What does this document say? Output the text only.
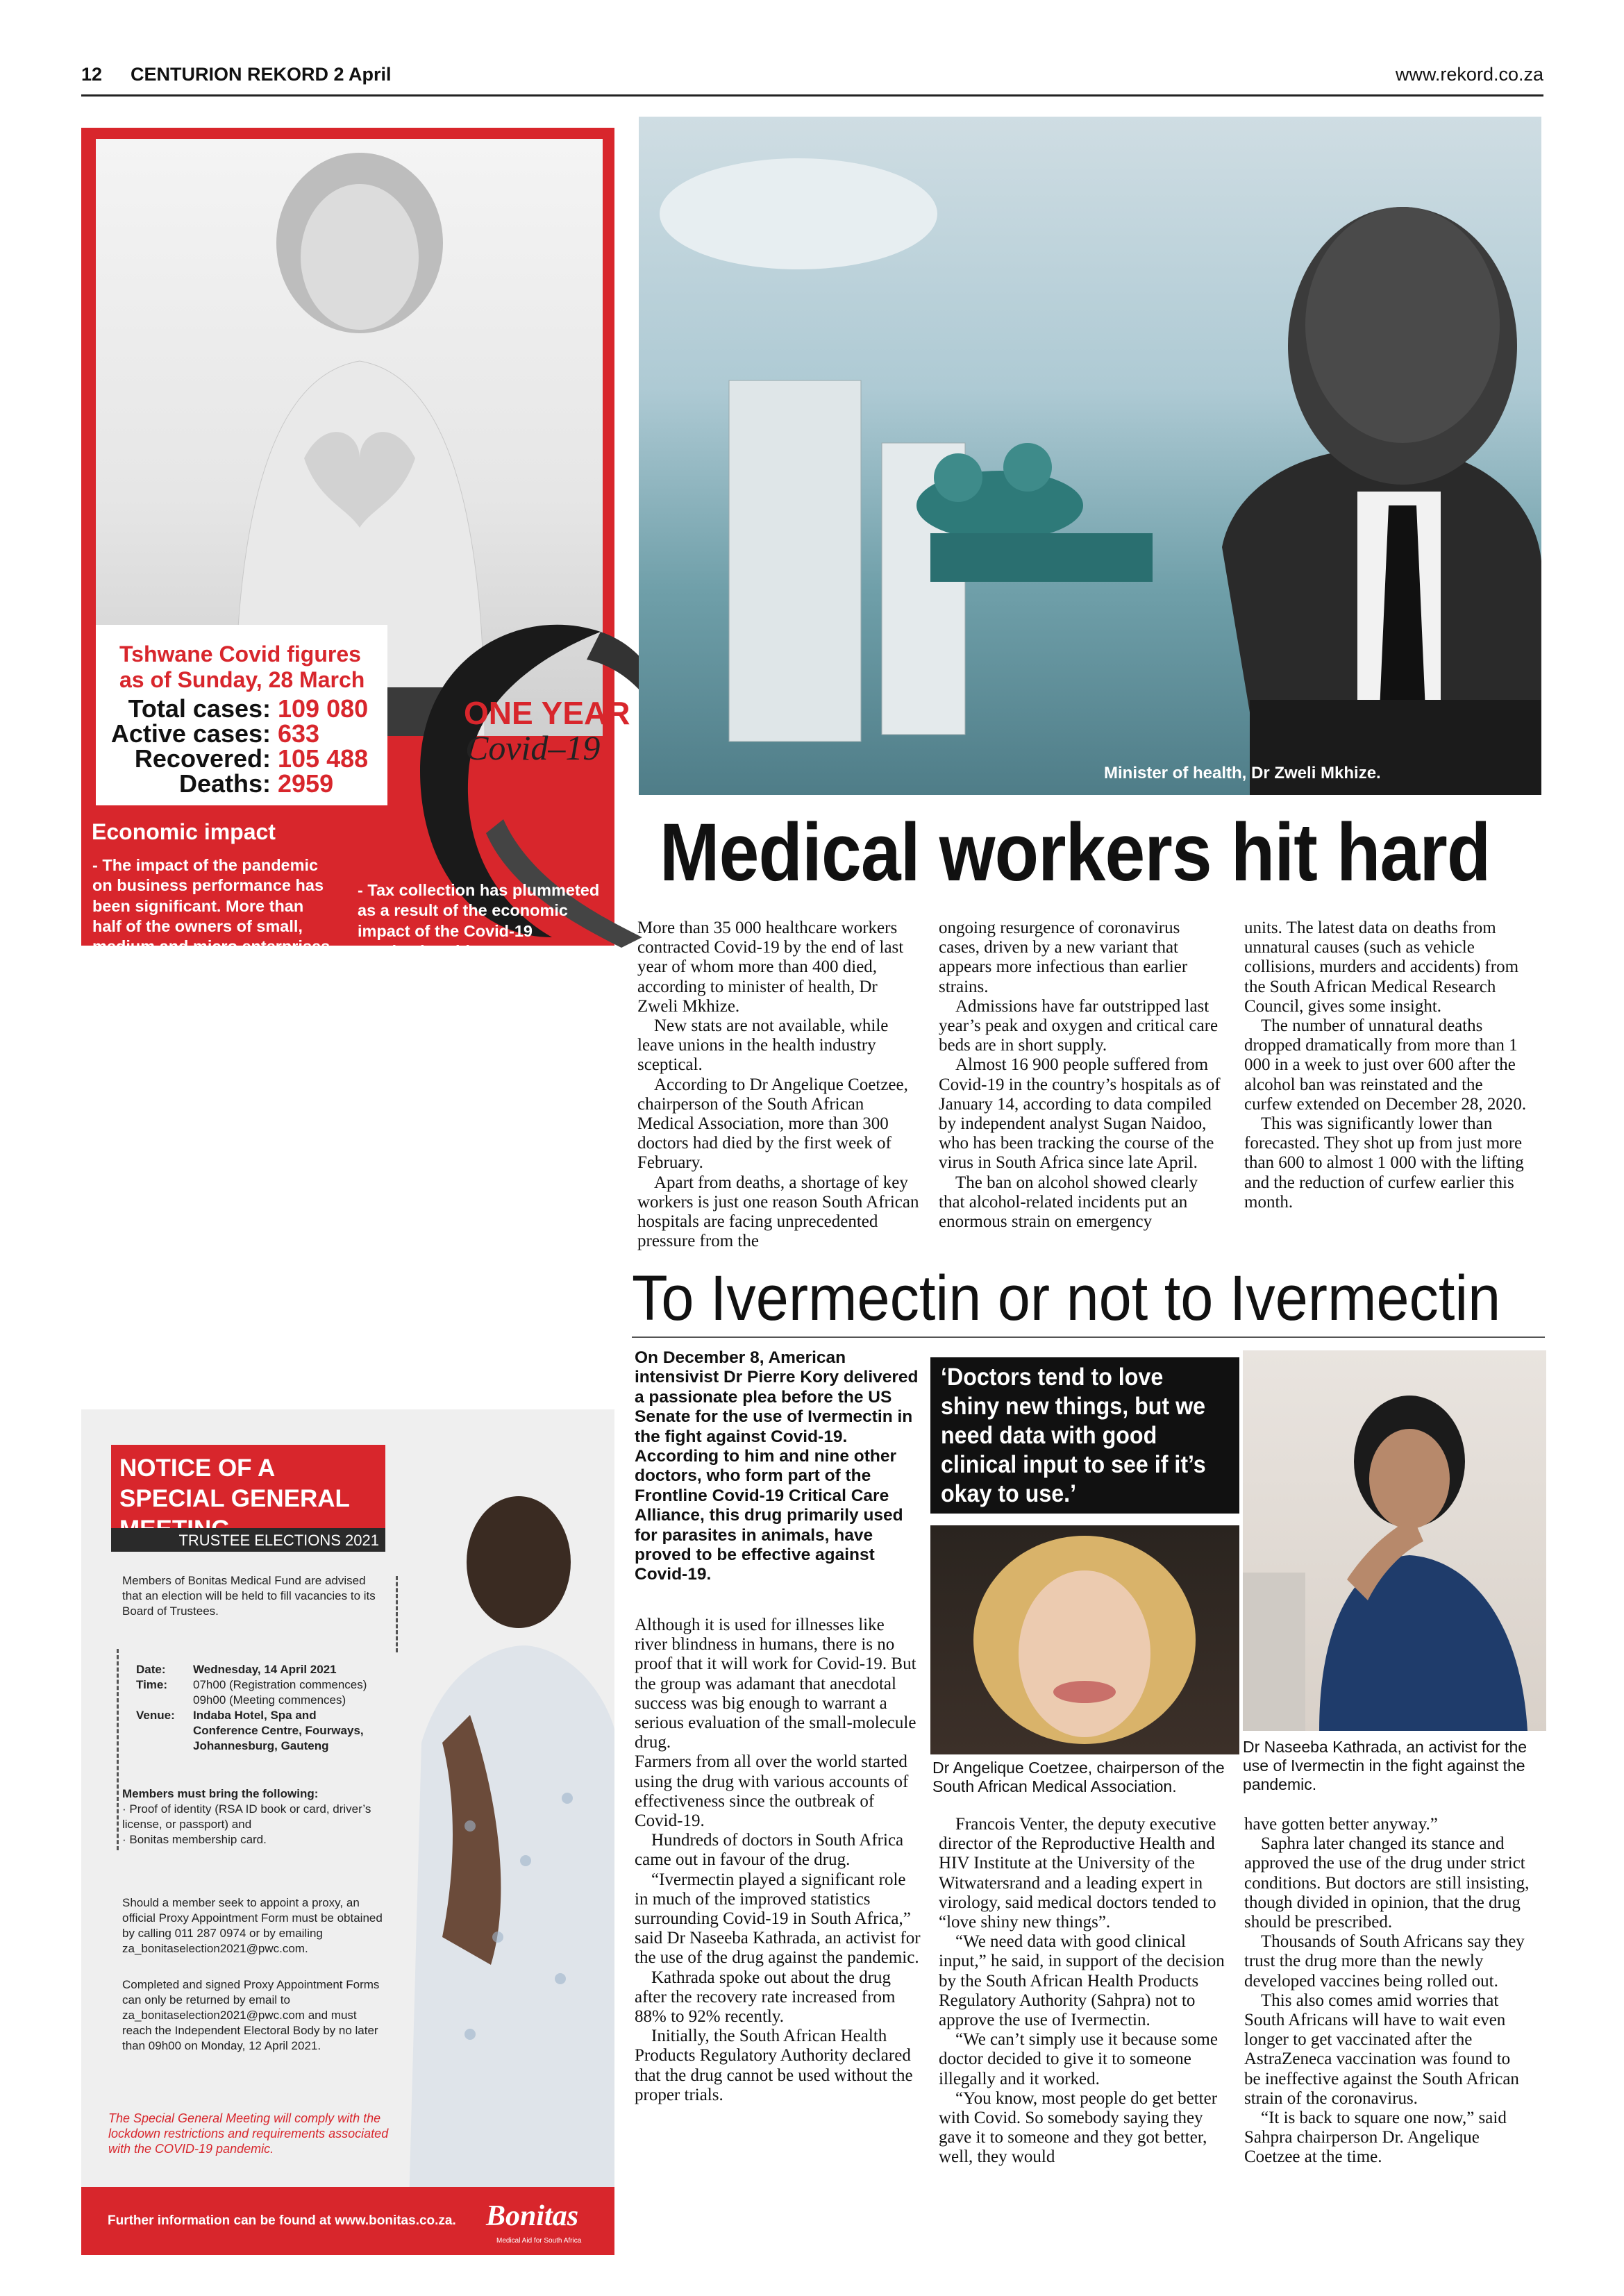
12 CENTURION REKORD 2 April	www.rekord.co.za
Tshwane Covid figures as of Sunday, 28 March
Total cases: 109 080
Active cases: 633
Recovered: 105 488
Deaths: 2959
ONE YEAR
Covid–19
Economic impact

- The impact of the pandemic on business performance has been significant. More than half of the owners of small, medium and micro enterprises say they experienced great uncertainty regarding the sustainability of their businesses during the last few months, due to the Covid-19 pandemic, according to Ipsos SA, a multinational market research and consulting firm. Thousands of small businesses had to close their doors.

- Unemployment has also risen to unprecedented levels, reaching its highest rate of 30,8% as 2,2 million jobs were lost at the height of the lockdown in the second quarter.

- Tax collection has plummeted as a result of the economic impact of the Covid-19 pandemic, with Sars forecasting a R300 billion tax revenue shortfall.

- The rand took a roller-coaster ride weakening to its lowest level in April 2020. But it clawed its way back to R14,01 to the greenback and is currently trading between R14 and R15 to the dollar.

- Ratings agencies have long warned South Africa over its growing debt crisis and inability to cut spending or grow the economy. This resulted in the country being shifted to full junk status in 2020 as the economy entered into recession.

Minister of health, Dr Zweli Mkhize.
Medical workers hit hard

More than 35 000 healthcare workers contracted Covid-19 by the end of last year of whom more than 400 died, according to minister of health, Dr Zweli Mkhize.

New stats are not available, while leave unions in the health industry sceptical.

According to Dr Angelique Coetzee, chairperson of the South African Medical Association, more than 300 doctors had died by the first week of February.

Apart from deaths, a shortage of key workers is just one reason South African hospitals are facing unprecedented pressure from the

ongoing resurgence of coronavirus cases, driven by a new variant that appears more infectious than earlier strains.

Admissions have far outstripped last year’s peak and oxygen and critical care beds are in short supply.

Almost 16 900 people suffered from Covid-19 in the country’s hospitals as of January 14, according to data compiled by independent analyst Sugan Naidoo, who has been tracking the course of the virus in South Africa since late April.

The ban on alcohol showed clearly that alcohol-related incidents put an enormous strain on emergency

units. The latest data on deaths from unnatural causes (such as vehicle collisions, murders and accidents) from the South African Medical Research Council, gives some insight.

The number of unnatural deaths dropped dramatically from more than 1 000 in a week to just over 600 after the alcohol ban was reinstated and the curfew extended on December 28, 2020.

This was significantly lower than forecasted. They shot up from just more than 600 to almost 1 000 with the lifting and the reduction of curfew earlier this month.

To Ivermectin or not to Ivermectin
On December 8, American intensivist Dr Pierre Kory delivered a passionate plea before the US Senate for the use of Ivermectin in the fight against Covid-19. According to him and nine other doctors, who form part of the Frontline Covid-19 Critical Care Alliance, this drug primarily used for parasites in animals, have proved to be effective against Covid-19.

Although it is used for illnesses like river blindness in humans, there is no proof that it will work for Covid-19. But the group was adamant that anecdotal success was big enough to warrant a serious evaluation of the small-molecule drug.

Farmers from all over the world started using the drug with various accounts of effectiveness since the outbreak of Covid-19.

Hundreds of doctors in South Africa came out in favour of the drug.

“Ivermectin played a significant role in much of the improved statistics surrounding Covid-19 in South Africa,” said Dr Naseeba Kathrada, an activist for the use of the drug against the pandemic.

Kathrada spoke out about the drug after the recovery rate increased from 88% to 92% recently.

Initially, the South African Health Products Regulatory Authority declared that the drug cannot be used without the proper trials.

‘Doctors tend to love shiny new things, but we need data with good clinical input to see if it’s okay to use.’
Dr Angelique Coetzee, chairperson of the South African Medical Association.
Dr Naseeba Kathrada, an activist for the use of Ivermectin in the fight against the pandemic.

Francois Venter, the deputy executive director of the Reproductive Health and HIV Institute at the University of the Witwatersrand and a leading expert in virology, said medical doctors tended to “love shiny new things”.

“We need data with good clinical input,” he said, in support of the decision by the South African Health Products Regulatory Authority (Sahpra) not to approve the use of Ivermectin.

“We can’t simply use it because some doctor decided to give it to someone illegally and it worked.

“You know, most people do get better with Covid. So somebody saying they gave it to someone and they got better, well, they would

have gotten better anyway.”

Saphra later changed its stance and approved the use of the drug under strict conditions. But doctors are still insisting, though divided in opinion, that the drug should be prescribed.

Thousands of South Africans say they trust the drug more than the newly developed vaccines being rolled out.

This also comes amid worries that South Africans will have to wait even longer to get vaccinated after the AstraZeneca vaccination was found to be ineffective against the South African strain of the coronavirus.

“It is back to square one now,” said Sahpra chairperson Dr. Angelique Coetzee at the time.

NOTICE OF A SPECIAL GENERAL
TRUSTEE ELECTIONS 2021
Members of Bonitas Medical Fund are advised that an election will be held to fill vacancies to its Board of Trustees.
Date: Wednesday, 14 April 2021
Time: 07h00 (Registration commences)
09h00 (Meeting commences)
Venue: Indaba Hotel, Spa and Conference Centre, Fourways, Johannesburg, Gauteng
Members must bring the following:
· Proof of identity (RSA ID book or card, driver’s license, or passport) and
· Bonitas membership card.
Should a member seek to appoint a proxy, an official Proxy Appointment Form must be obtained by calling 011 287 0974 or by emailing za_bonitaselection2021@pwc.com.
Completed and signed Proxy Appointment Forms can only be returned by email to za_bonitaselection2021@pwc.com and must reach the Independent Electoral Body by no later than 09h00 on Monday, 12 April 2021.
The Special General Meeting will comply with the lockdown restrictions and requirements associated with the COVID-19 pandemic.
Further information can be found at www.bonitas.co.za. Bonitas
Medical Aid for South Africa
